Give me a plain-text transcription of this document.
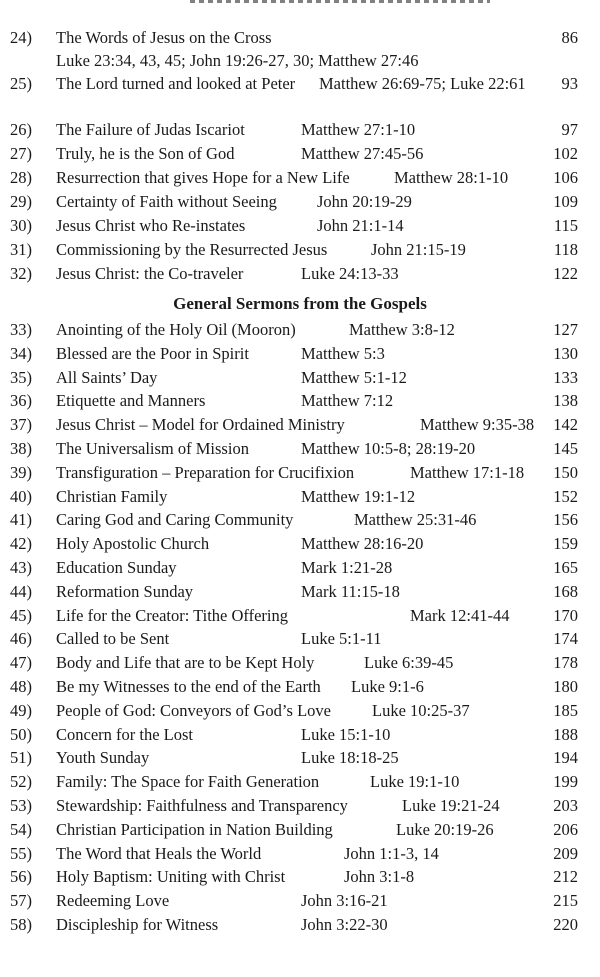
24) The Words of Jesus on the Cross	86
Luke 23:34, 43, 45; John 19:26-27, 30; Matthew 27:46
25) The Lord turned and looked at Peter Matthew 26:69-75; Luke 22:61 93
26) The Failure of Judas Iscariot	Matthew 27:1-10	97
27) Truly, he is the Son of God	Matthew 27:45-56	102
28) Resurrection that gives Hope for a New Life	Matthew 28:1-10	106
29) Certainty of Faith without Seeing John 20:19-29	109
30) Jesus Christ who Re-instates	John 21:1-14	115
31) Commissioning by the Resurrected Jesus	John 21:15-19	118
32) Jesus Christ: the Co-traveler	Luke 24:13-33	122
General Sermons from the Gospels
33) Anointing of the Holy Oil (Mooron)	Matthew 3:8-12	127
34) Blessed are the Poor in Spirit	Matthew 5:3	130
35) All Saints’ Day	Matthew 5:1-12	133
36) Etiquette and Manners	Matthew 7:12	138
37) Jesus Christ – Model for Ordained Ministry	Matthew 9:35-38 142
38) The Universalism of Mission	Matthew 10:5-8; 28:19-20	145
39) Transfiguration – Preparation for Crucifixion	Matthew 17:1-18 150
40) Christian Family	Matthew 19:1-12	152
41) Caring God and Caring Community	Matthew 25:31-46	156
42) Holy Apostolic Church	Matthew 28:16-20	159
43) Education Sunday	Mark 1:21-28	165
44) Reformation Sunday	Mark 11:15-18	168
45) Life for the Creator: Tithe Offering	Mark 12:41-44	170
46) Called to be Sent	Luke 5:1-11	174
47) Body and Life that are to be Kept Holy	Luke 6:39-45	178
48) Be my Witnesses to the end of the Earth Luke 9:1-6	180
49) People of God: Conveyors of God’s Love Luke 10:25-37	185
50) Concern for the Lost	Luke 15:1-10	188
51) Youth Sunday	Luke 18:18-25	194
52) Family: The Space for Faith Generation	Luke 19:1-10	199
53) Stewardship: Faithfulness and Transparency	Luke 19:21-24	203
54) Christian Participation in Nation Building	Luke 20:19-26	206
55) The Word that Heals the World	John 1:1-3, 14	209
56) Holy Baptism: Uniting with Christ	John 3:1-8	212
57) Redeeming Love	John 3:16-21	215
58) Discipleship for Witness	John 3:22-30	220
